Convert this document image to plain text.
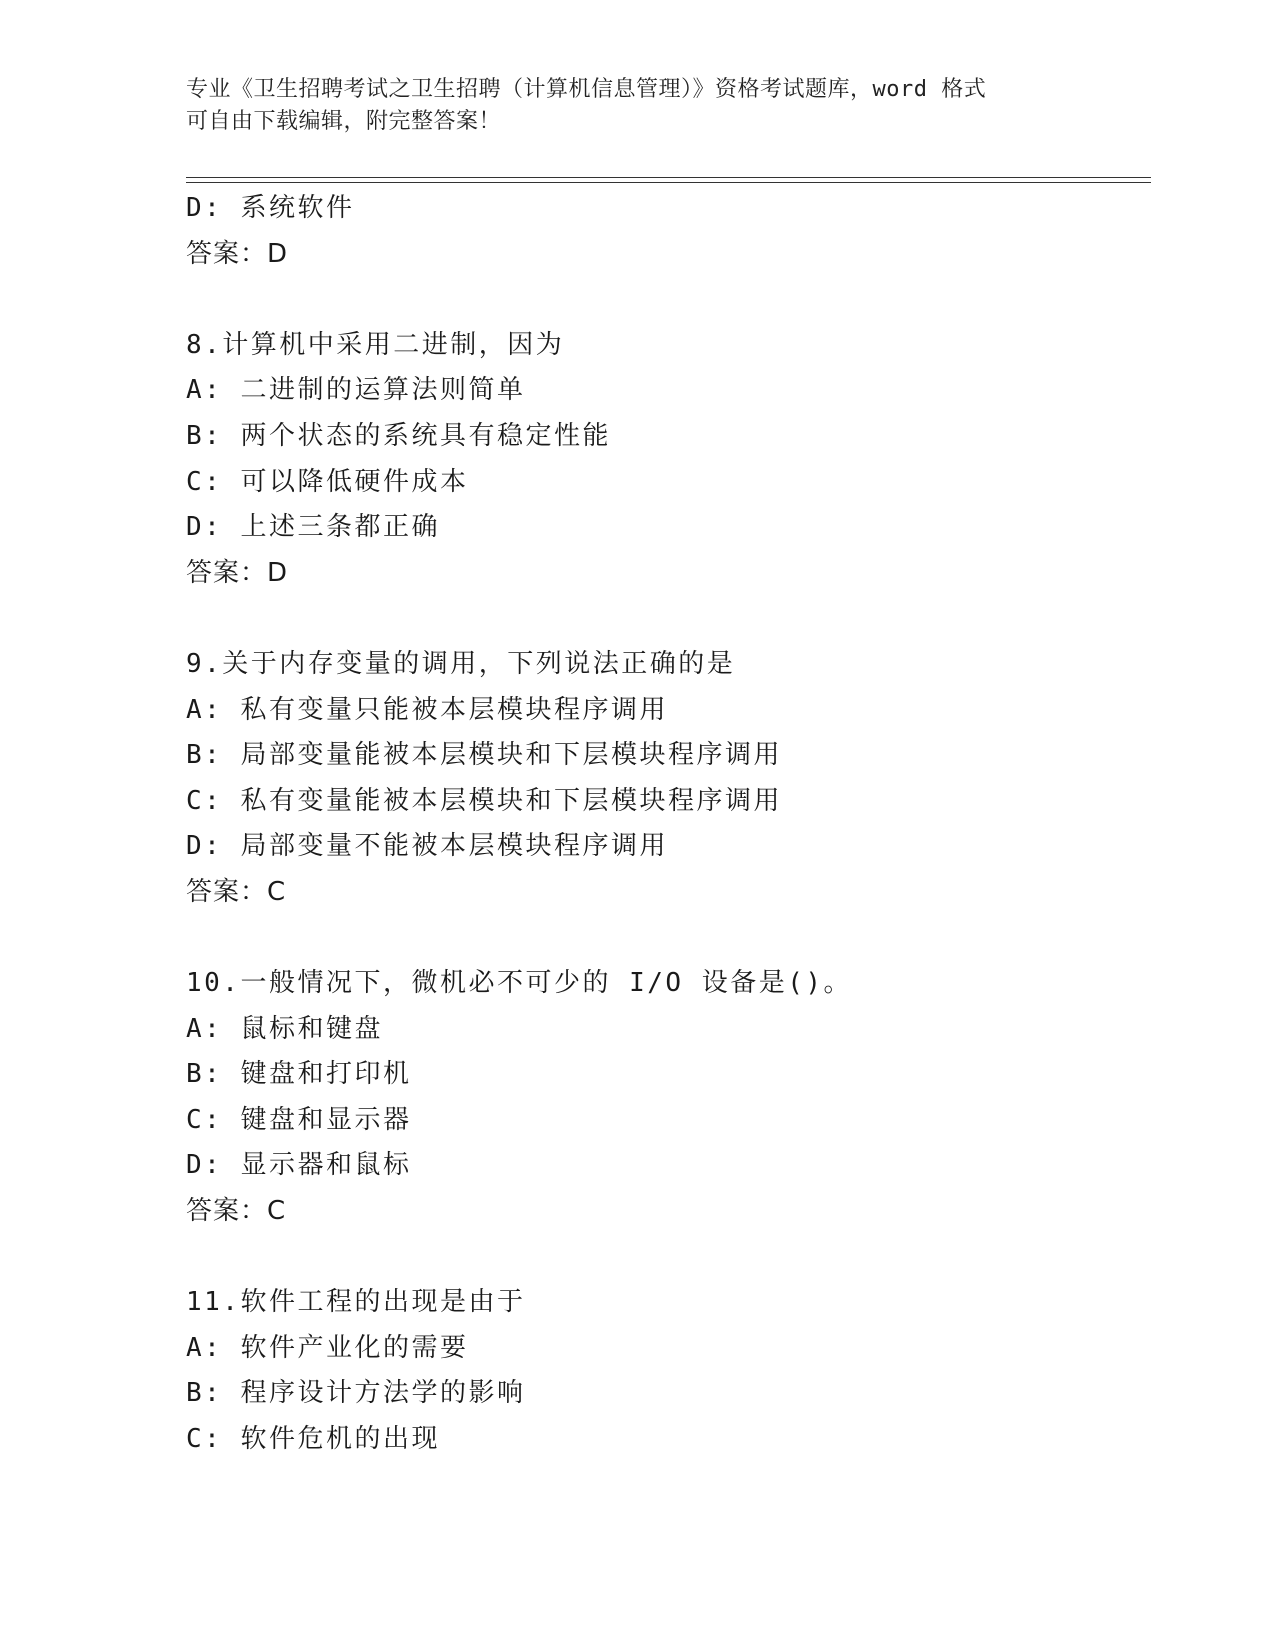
专业《卫生招聘考试之卫生招聘（计算机信息管理）》资格考试题库，word 格式
可自由下载编辑，附完整答案！
D: 系统软件
答案：D
8.计算机中采用二进制，因为
A: 二进制的运算法则简单
B: 两个状态的系统具有稳定性能
C: 可以降低硬件成本
D: 上述三条都正确
答案：D
9.关于内存变量的调用，下列说法正确的是
A: 私有变量只能被本层模块程序调用
B: 局部变量能被本层模块和下层模块程序调用
C: 私有变量能被本层模块和下层模块程序调用
D: 局部变量不能被本层模块程序调用
答案：C
10.一般情况下，微机必不可少的 I/O 设备是()。
A: 鼠标和键盘
B: 键盘和打印机
C: 键盘和显示器
D: 显示器和鼠标
答案：C
11.软件工程的出现是由于
A: 软件产业化的需要
B: 程序设计方法学的影响
C: 软件危机的出现
